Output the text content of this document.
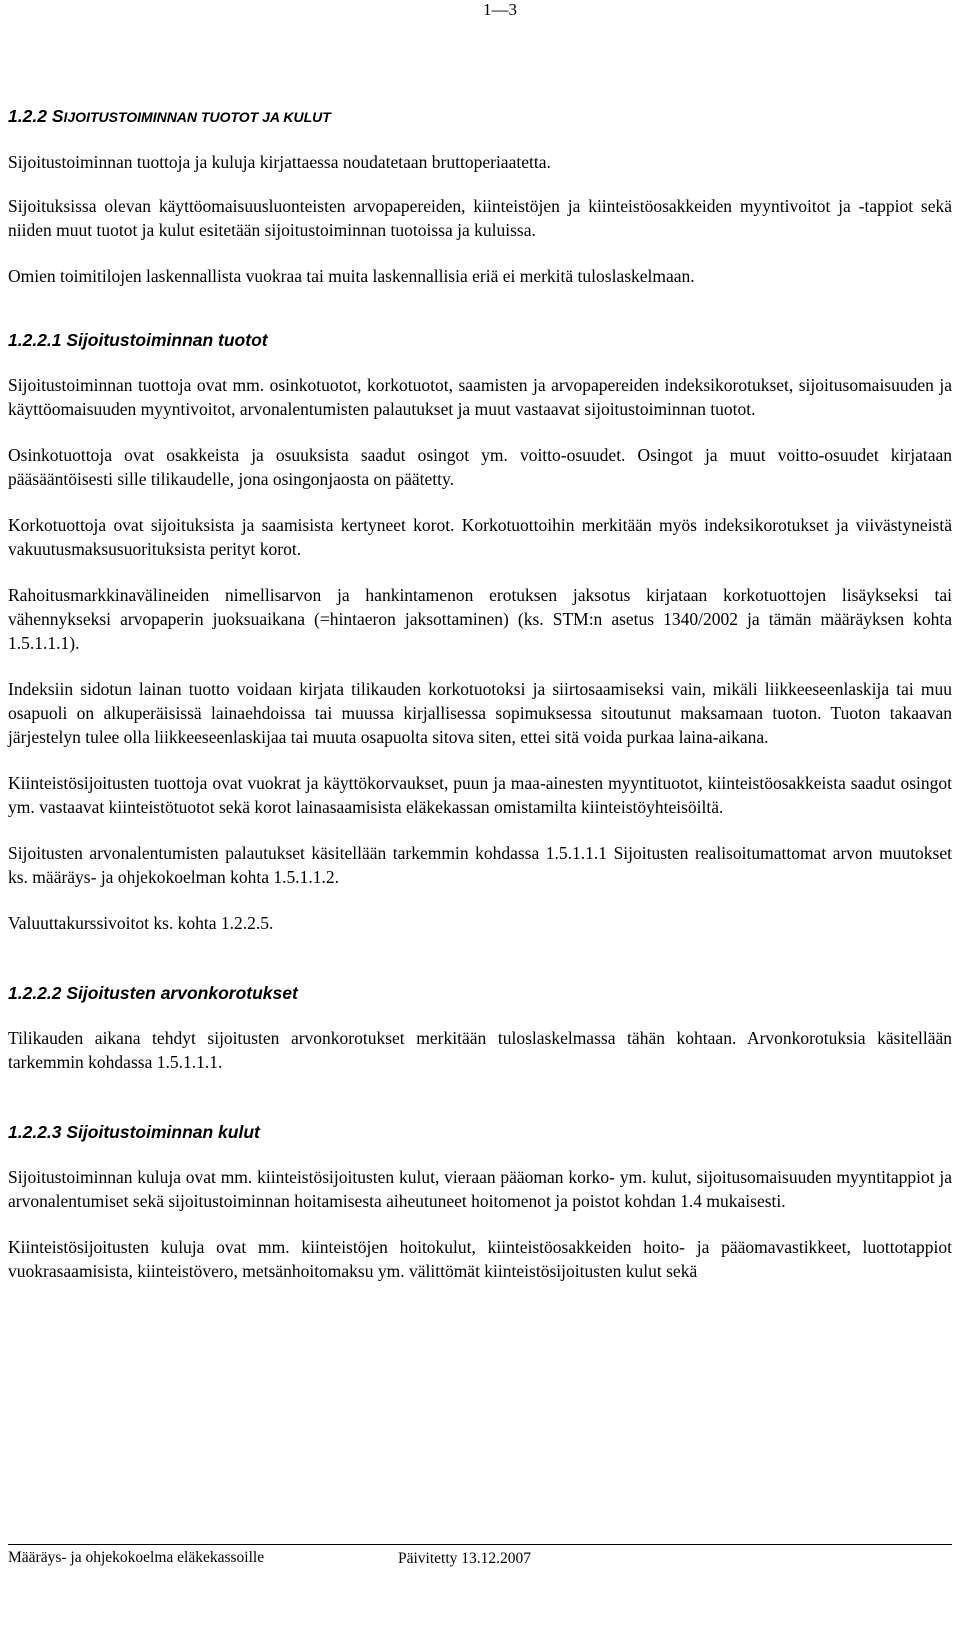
1—3
1.2.2 SIJOITUSTOIMINNAN TUOTOT JA KULUT

Sijoitustoiminnan tuottoja ja kuluja kirjattaessa noudatetaan bruttoperiaatetta.

Sijoituksissa olevan käyttöomaisuusluonteisten arvopapereiden, kiinteistöjen ja kiinteistöosakkeiden myyntivoitot ja -tappiot sekä niiden muut tuotot ja kulut esitetään sijoitustoiminnan tuotoissa ja kuluissa.

Omien toimitilojen laskennallista vuokraa tai muita laskennallisia eriä ei merkitä tuloslaskelmaan.

1.2.2.1 Sijoitustoiminnan tuotot

Sijoitustoiminnan tuottoja ovat mm. osinkotuotot, korkotuotot, saamisten ja arvopapereiden indeksikorotukset, sijoitusomaisuuden ja käyttöomaisuuden myyntivoitot, arvonalentumisten palautukset ja muut vastaavat sijoitustoiminnan tuotot.

Osinkotuottoja ovat osakkeista ja osuuksista saadut osingot ym. voitto-osuudet. Osingot ja muut voitto-osuudet kirjataan pääsääntöisesti sille tilikaudelle, jona osingonjaosta on päätetty.

Korkotuottoja ovat sijoituksista ja saamisista kertyneet korot. Korkotuottoihin merkitään myös indeksikorotukset ja viivästyneistä vakuutusmaksusuorituksista perityt korot.

Rahoitusmarkkinavälineiden nimellisarvon ja hankintamenon erotuksen jaksotus kirjataan korkotuottojen lisäykseksi tai vähennykseksi arvopaperin juoksuaikana (=hintaeron jaksottaminen) (ks. STM:n asetus 1340/2002 ja tämän määräyksen kohta 1.5.1.1.1).

Indeksiin sidotun lainan tuotto voidaan kirjata tilikauden korkotuotoksi ja siirtosaamiseksi vain, mikäli liikkeeseenlaskija tai muu osapuoli on alkuperäisissä lainaehdoissa tai muussa kirjallisessa sopimuksessa sitoutunut maksamaan tuoton. Tuoton takaavan järjestelyn tulee olla liikkeeseenlaskijaa tai muuta osapuolta sitova siten, ettei sitä voida purkaa laina-aikana.

Kiinteistösijoitusten tuottoja ovat vuokrat ja käyttökorvaukset, puun ja maa-ainesten myyntituotot, kiinteistöosakkeista saadut osingot ym. vastaavat kiinteistötuotot sekä korot lainasaamisista eläkekassan omistamilta kiinteistöyhteisöiltä.

Sijoitusten arvonalentumisten palautukset käsitellään tarkemmin kohdassa 1.5.1.1.1 Sijoitusten realisoitumattomat arvon muutokset ks. määräys- ja ohjekokoelman kohta 1.5.1.1.2.

Valuuttakurssivoitot ks. kohta 1.2.2.5.

1.2.2.2 Sijoitusten arvonkorotukset

Tilikauden aikana tehdyt sijoitusten arvonkorotukset merkitään tuloslaskelmassa tähän kohtaan. Arvonkorotuksia käsitellään tarkemmin kohdassa 1.5.1.1.1.

1.2.2.3 Sijoitustoiminnan kulut

Sijoitustoiminnan kuluja ovat mm. kiinteistösijoitusten kulut, vieraan pääoman korko- ym. kulut, sijoitusomaisuuden myyntitappiot ja arvonalentumiset sekä sijoitustoiminnan hoitamisesta aiheutuneet hoitomenot ja poistot kohdan 1.4 mukaisesti.

Kiinteistösijoitusten kuluja ovat mm. kiinteistöjen hoitokulut, kiinteistöosakkeiden hoito- ja pääomavastikkeet, luottotappiot vuokrasaamisista, kiinteistövero, metsänhoitomaksu ym. välittömät kiinteistösijoitusten kulut sekä

Määräys- ja ohjekokoelma eläkekassoille	Päivitetty 13.12.2007
